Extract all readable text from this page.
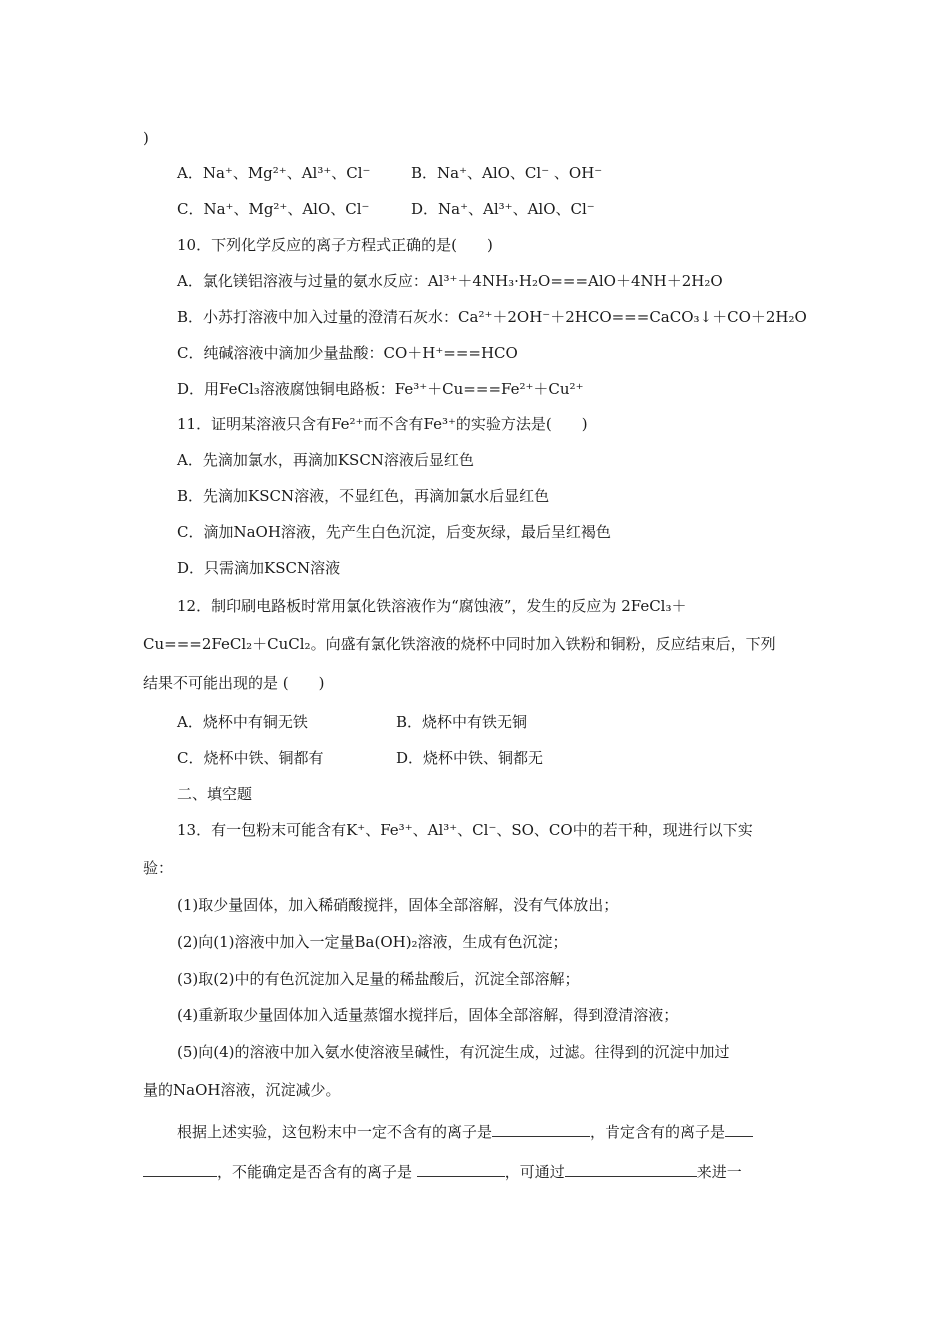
)
A．Na⁺、Mg²⁺、Al³⁺、Cl⁻	B．Na⁺、AlO、Cl⁻ 、OH⁻
C．Na⁺、Mg²⁺、AlO、Cl⁻	D．Na⁺、Al³⁺、AlO、Cl⁻
10．下列化学反应的离子方程式正确的是(　　)
A．氯化镁铝溶液与过量的氨水反应：Al³⁺＋4NH₃·H₂O===AlO＋4NH＋2H₂O
B．小苏打溶液中加入过量的澄清石灰水：Ca²⁺＋2OH⁻＋2HCO===CaCO₃↓＋CO＋2H₂O
C．纯碱溶液中滴加少量盐酸：CO＋H⁺===HCO
D．用FeCl₃溶液腐蚀铜电路板：Fe³⁺＋Cu===Fe²⁺＋Cu²⁺
11．证明某溶液只含有Fe²⁺而不含有Fe³⁺的实验方法是(　　)
A．先滴加氯水，再滴加KSCN溶液后显红色
B．先滴加KSCN溶液，不显红色，再滴加氯水后显红色
C．滴加NaOH溶液，先产生白色沉淀，后变灰绿，最后呈红褐色
D．只需滴加KSCN溶液
12．制印刷电路板时常用氯化铁溶液作为“腐蚀液”，发生的反应为 2FeCl₃＋
Cu===2FeCl₂＋CuCl₂。向盛有氯化铁溶液的烧杯中同时加入铁粉和铜粉，反应结束后，下列
结果不可能出现的是 (　　)
A．烧杯中有铜无铁	B．烧杯中有铁无铜
C．烧杯中铁、铜都有	D．烧杯中铁、铜都无
二、填空题
13．有一包粉末可能含有K⁺、Fe³⁺、Al³⁺、Cl⁻、SO、CO中的若干种，现进行以下实
验：
(1)取少量固体，加入稀硝酸搅拌，固体全部溶解，没有气体放出；
(2)向(1)溶液中加入一定量Ba(OH)₂溶液，生成有色沉淀；
(3)取(2)中的有色沉淀加入足量的稀盐酸后，沉淀全部溶解；
(4)重新取少量固体加入适量蒸馏水搅拌后，固体全部溶解，得到澄清溶液；
(5)向(4)的溶液中加入氨水使溶液呈碱性，有沉淀生成，过滤。往得到的沉淀中加过
量的NaOH溶液，沉淀减少。
根据上述实验，这包粉末中一定不含有的离子是	，肯定含有的离子是
，不能确定是否含有的离子是	，可通过	来进一
